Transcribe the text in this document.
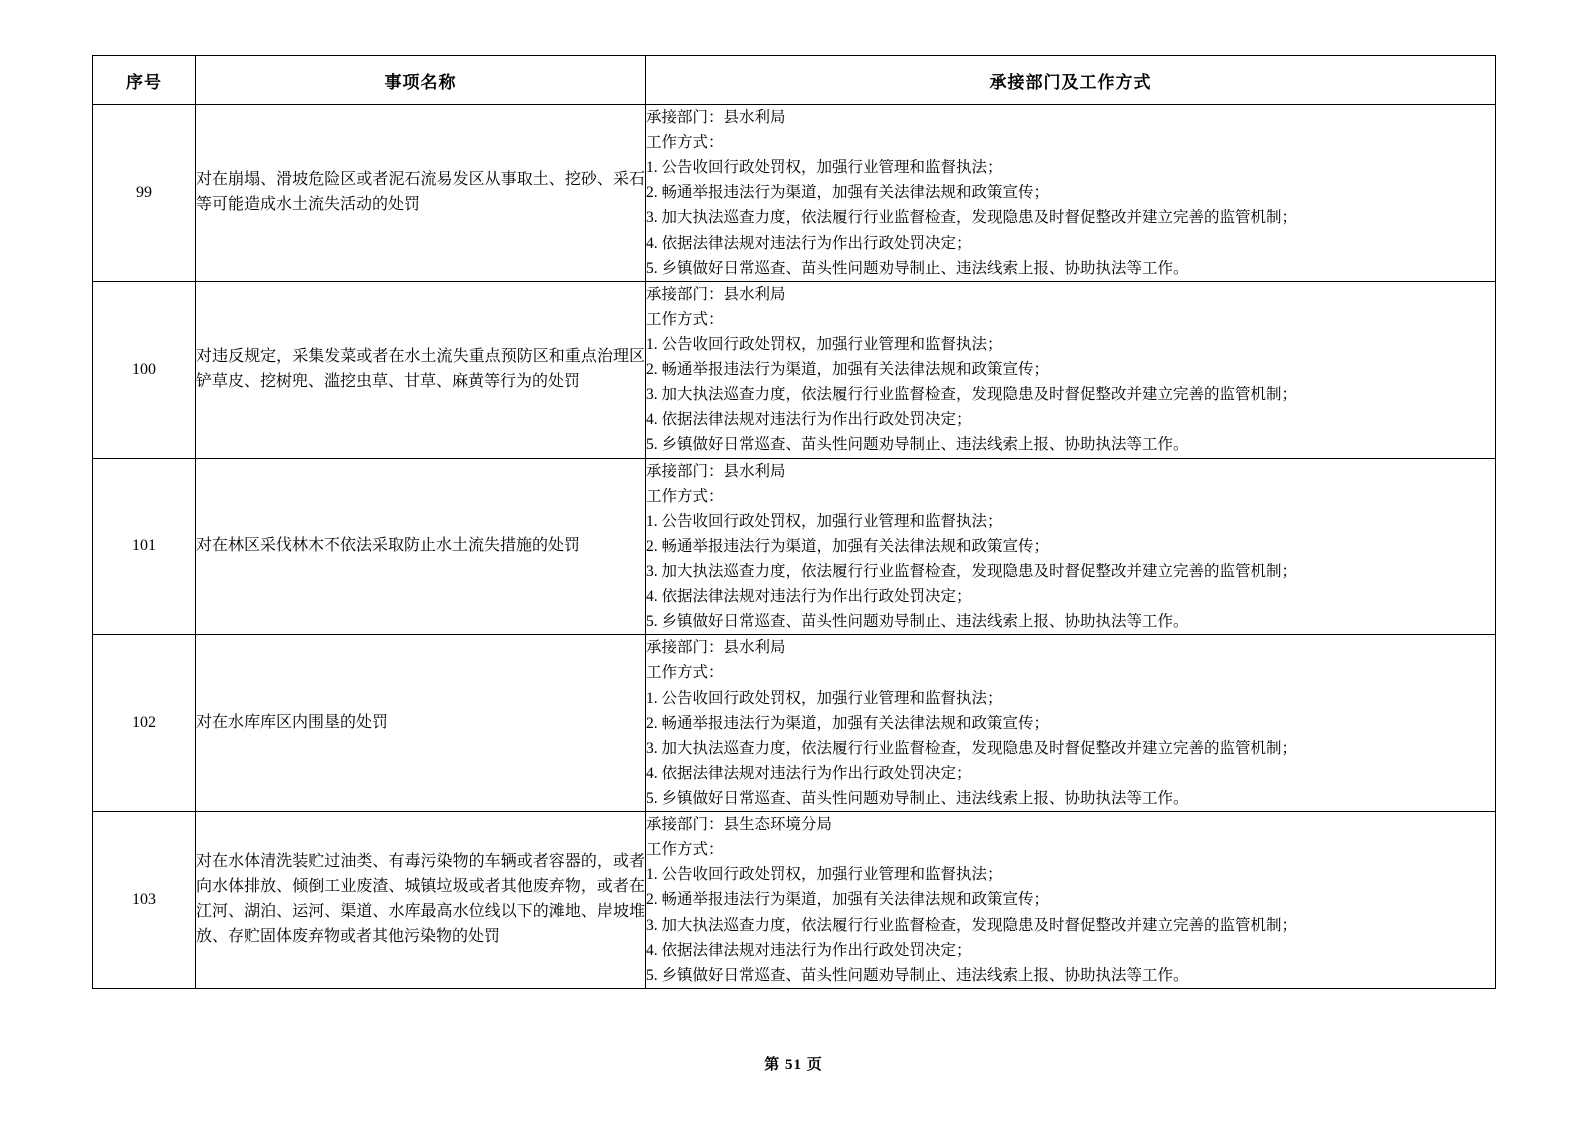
序号	事项名称	承接部门及工作方式
99	对在崩塌、滑坡危险区或者泥石流易发区从事取土、挖砂、采石等可能造成水土流失活动的处罚	
承接部门：县水利局
工作方式：
1. 公告收回行政处罚权，加强行业管理和监督执法；
2. 畅通举报违法行为渠道，加强有关法律法规和政策宣传；
3. 加大执法巡查力度，依法履行行业监督检查，发现隐患及时督促整改并建立完善的监管机制；
4. 依据法律法规对违法行为作出行政处罚决定；
5. 乡镇做好日常巡查、苗头性问题劝导制止、违法线索上报、协助执法等工作。

100	对违反规定，采集发菜或者在水土流失重点预防区和重点治理区铲草皮、挖树兜、滥挖虫草、甘草、麻黄等行为的处罚	
承接部门：县水利局
工作方式：
1. 公告收回行政处罚权，加强行业管理和监督执法；
2. 畅通举报违法行为渠道，加强有关法律法规和政策宣传；
3. 加大执法巡查力度，依法履行行业监督检查，发现隐患及时督促整改并建立完善的监管机制；
4. 依据法律法规对违法行为作出行政处罚决定；
5. 乡镇做好日常巡查、苗头性问题劝导制止、违法线索上报、协助执法等工作。

101	对在林区采伐林木不依法采取防止水土流失措施的处罚	
承接部门：县水利局
工作方式：
1. 公告收回行政处罚权，加强行业管理和监督执法；
2. 畅通举报违法行为渠道，加强有关法律法规和政策宣传；
3. 加大执法巡查力度，依法履行行业监督检查，发现隐患及时督促整改并建立完善的监管机制；
4. 依据法律法规对违法行为作出行政处罚决定；
5. 乡镇做好日常巡查、苗头性问题劝导制止、违法线索上报、协助执法等工作。

102	对在水库库区内围垦的处罚	
承接部门：县水利局
工作方式：
1. 公告收回行政处罚权，加强行业管理和监督执法；
2. 畅通举报违法行为渠道，加强有关法律法规和政策宣传；
3. 加大执法巡查力度，依法履行行业监督检查，发现隐患及时督促整改并建立完善的监管机制；
4. 依据法律法规对违法行为作出行政处罚决定；
5. 乡镇做好日常巡查、苗头性问题劝导制止、违法线索上报、协助执法等工作。

103	对在水体清洗装贮过油类、有毒污染物的车辆或者容器的，或者向水体排放、倾倒工业废渣、城镇垃圾或者其他废弃物，或者在江河、湖泊、运河、渠道、水库最高水位线以下的滩地、岸坡堆放、存贮固体废弃物或者其他污染物的处罚	
承接部门：县生态环境分局
工作方式：
1. 公告收回行政处罚权，加强行业管理和监督执法；
2. 畅通举报违法行为渠道，加强有关法律法规和政策宣传；
3. 加大执法巡查力度，依法履行行业监督检查，发现隐患及时督促整改并建立完善的监管机制；
4. 依据法律法规对违法行为作出行政处罚决定；
5. 乡镇做好日常巡查、苗头性问题劝导制止、违法线索上报、协助执法等工作。
第 51 页
